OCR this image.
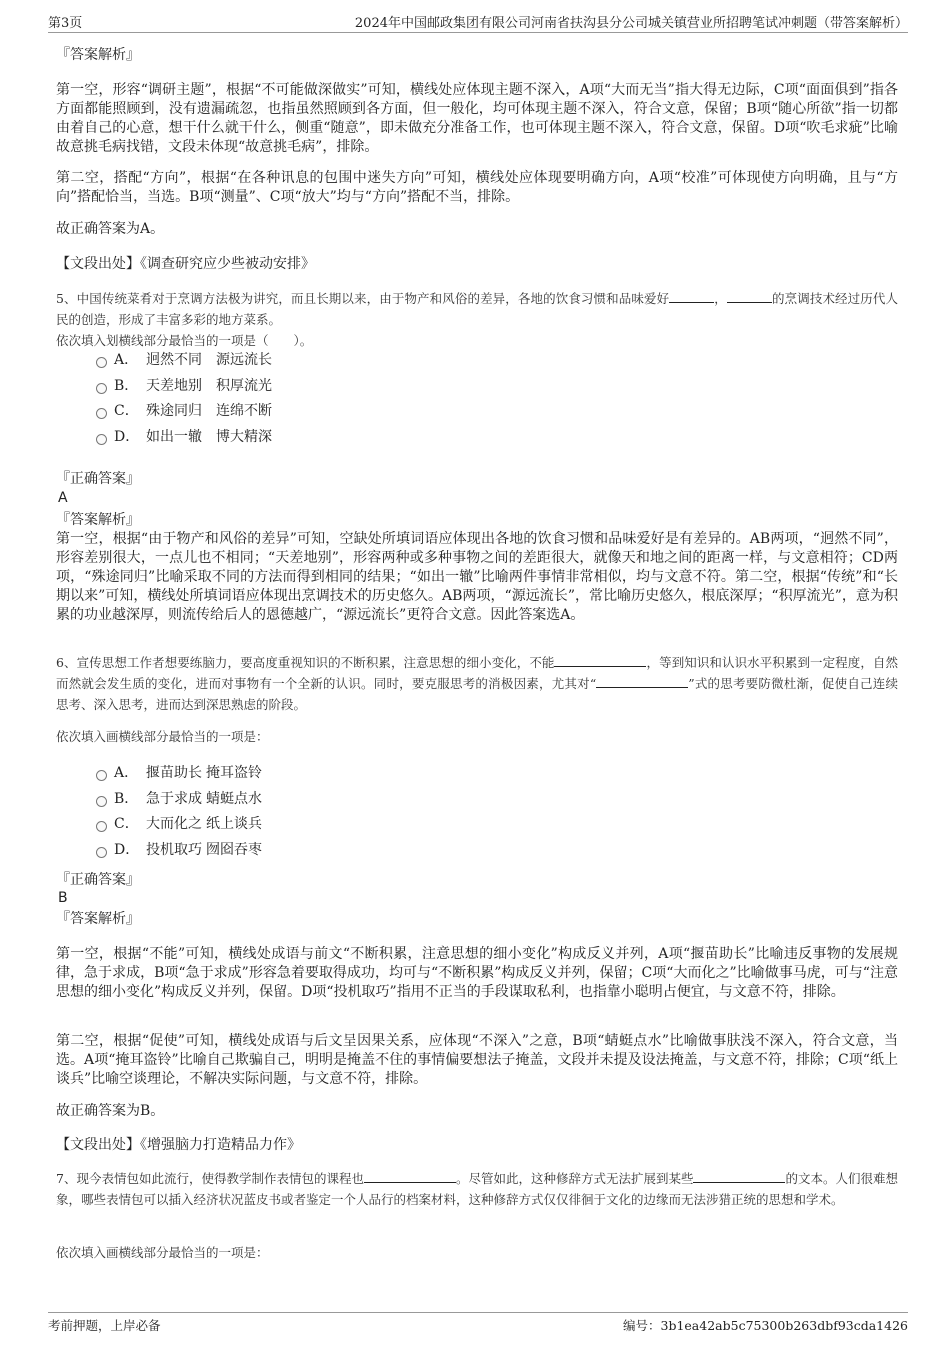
第3页	2024年中国邮政集团有限公司河南省扶沟县分公司城关镇营业所招聘笔试冲刺题（带答案解析）
『答案解析』

第一空，形容“调研主题”，根据“不可能做深做实”可知，横线处应体现主题不深入，A项“大而无当”指大得无边际，C项“面面俱到”指各方面都能照顾到，没有遗漏疏忽，也指虽然照顾到各方面，但一般化，均可体现主题不深入，符合文意，保留；B项“随心所欲”指一切都由着自己的心意，想干什么就干什么，侧重“随意”，即未做充分准备工作，也可体现主题不深入，符合文意，保留。D项“吹毛求疵”比喻故意挑毛病找错，文段未体现“故意挑毛病”，排除。

第二空，搭配“方向”，根据“在各种讯息的包围中迷失方向”可知，横线处应体现要明确方向，A项“校准”可体现使方向明确，且与“方向”搭配恰当，当选。B项“测量”、C项“放大”均与“方向”搭配不当，排除。

故正确答案为A。
【文段出处】《调查研究应少些被动安排》

5、中国传统菜肴对于烹调方法极为讲究，而且长期以来，由于物产和风俗的差异，各地的饮食习惯和品味爱好	，	的烹调技术经过历代人民的创造，形成了丰富多彩的地方菜系。

依次填入划横线部分最恰当的一项是（　　）。
A． 迥然不同 源远流长
B． 天差地别 积厚流光
C． 殊途同归 连绵不断
D． 如出一辙 博大精深
『正确答案』
A
『答案解析』

第一空，根据“由于物产和风俗的差异”可知，空缺处所填词语应体现出各地的饮食习惯和品味爱好是有差异的。AB两项，“迥然不同”，形容差别很大，一点儿也不相同；“天差地别”，形容两种或多种事物之间的差距很大，就像天和地之间的距离一样，与文意相符；CD两项，“殊途同归”比喻采取不同的方法而得到相同的结果；“如出一辙”比喻两件事情非常相似，均与文意不符。第二空，根据“传统”和“长期以来”可知，横线处所填词语应体现出烹调技术的历史悠久。AB两项，“源远流长”，常比喻历史悠久，根底深厚；“积厚流光”，意为积累的功业越深厚，则流传给后人的恩德越广，“源远流长”更符合文意。因此答案选A。

6、宣传思想工作者想要练脑力，要高度重视知识的不断积累，注意思想的细小变化，不能	，等到知识和认识水平积累到一定程度，自然而然就会发生质的变化，进而对事物有一个全新的认识。同时，要克服思考的消极因素，尤其对“	”式的思考要防微杜渐，促使自己连续思考、深入思考，进而达到深思熟虑的阶段。

依次填入画横线部分最恰当的一项是：
A． 揠苗助长 掩耳盗铃
B． 急于求成 蜻蜓点水
C． 大而化之 纸上谈兵
D． 投机取巧 囫囵吞枣
『正确答案』
B
『答案解析』

第一空，根据“不能”可知，横线处成语与前文“不断积累，注意思想的细小变化”构成反义并列，A项“揠苗助长”比喻违反事物的发展规律，急于求成，B项“急于求成”形容急着要取得成功，均可与“不断积累”构成反义并列，保留；C项“大而化之”比喻做事马虎，可与“注意思想的细小变化”构成反义并列，保留。D项“投机取巧”指用不正当的手段谋取私利，也指靠小聪明占便宜，与文意不符，排除。

第二空，根据“促使”可知，横线处成语与后文呈因果关系，应体现“不深入”之意，B项“蜻蜓点水”比喻做事肤浅不深入，符合文意，当选。A项“掩耳盗铃”比喻自己欺骗自己，明明是掩盖不住的事情偏要想法子掩盖，文段并未提及设法掩盖，与文意不符，排除；C项“纸上谈兵”比喻空谈理论，不解决实际问题，与文意不符，排除。

故正确答案为B。
【文段出处】《增强脑力打造精品力作》

7、现今表情包如此流行，使得教学制作表情包的课程也	。尽管如此，这种修辞方式无法扩展到某些	的文本。人们很难想象，哪些表情包可以插入经济状况蓝皮书或者鉴定一个人品行的档案材料，这种修辞方式仅仅徘徊于文化的边缘而无法涉猎正统的思想和学术。

依次填入画横线部分最恰当的一项是：
考前押题，上岸必备	编号：3b1ea42ab5c75300b263dbf93cda1426
